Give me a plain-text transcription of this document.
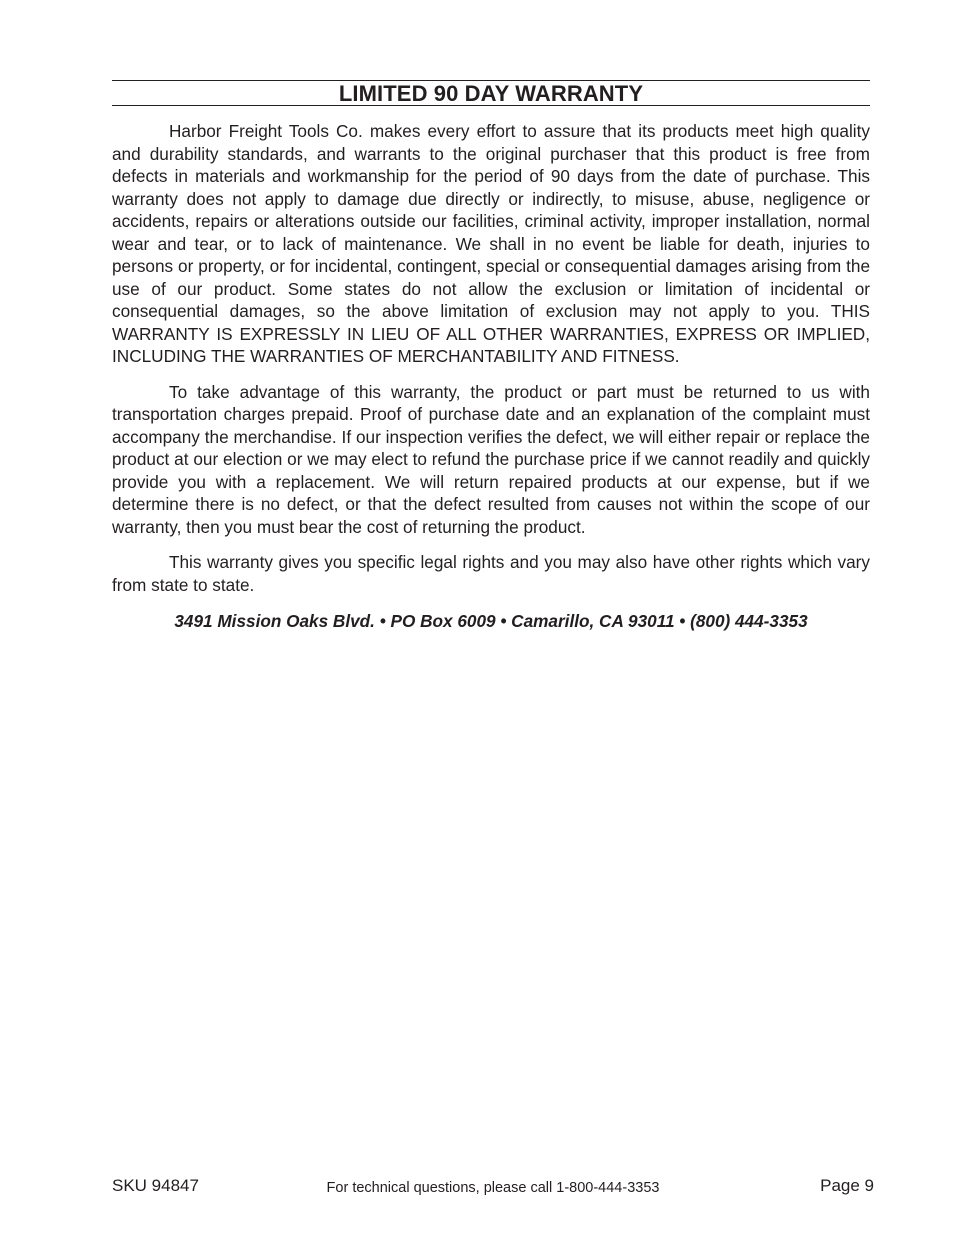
LIMITED 90 DAY WARRANTY

Harbor Freight Tools Co. makes every effort to assure that its products meet high quality and durability standards, and warrants to the original purchaser that this product is free from defects in materials and workmanship for the period of 90 days from the date of purchase. This warranty does not apply to damage due directly or indirectly, to misuse, abuse, negligence or accidents, repairs or alterations outside our facilities, criminal activity, improper installation, normal wear and tear, or to lack of maintenance. We shall in no event be liable for death, injuries to persons or property, or for incidental, contingent, special or consequential damages arising from the use of our product. Some states do not allow the exclusion or limitation of incidental or consequential damages, so the above limitation of exclusion may not apply to you. THIS WARRANTY IS EXPRESSLY IN LIEU OF ALL OTHER WARRANTIES, EXPRESS OR IMPLIED, INCLUDING THE WARRANTIES OF MERCHANTABILITY AND FITNESS.

To take advantage of this warranty, the product or part must be returned to us with transportation charges prepaid. Proof of purchase date and an explanation of the complaint must accompany the merchandise. If our inspection verifies the defect, we will either repair or replace the product at our election or we may elect to refund the purchase price if we cannot readily and quickly provide you with a replacement. We will return repaired products at our expense, but if we determine there is no defect, or that the defect resulted from causes not within the scope of our warranty, then you must bear the cost of returning the product.

This warranty gives you specific legal rights and you may also have other rights which vary from state to state.

3491 Mission Oaks Blvd. • PO Box 6009 • Camarillo, CA 93011 • (800) 444-3353
SKU 94847	For technical questions, please call 1-800-444-3353	Page 9
